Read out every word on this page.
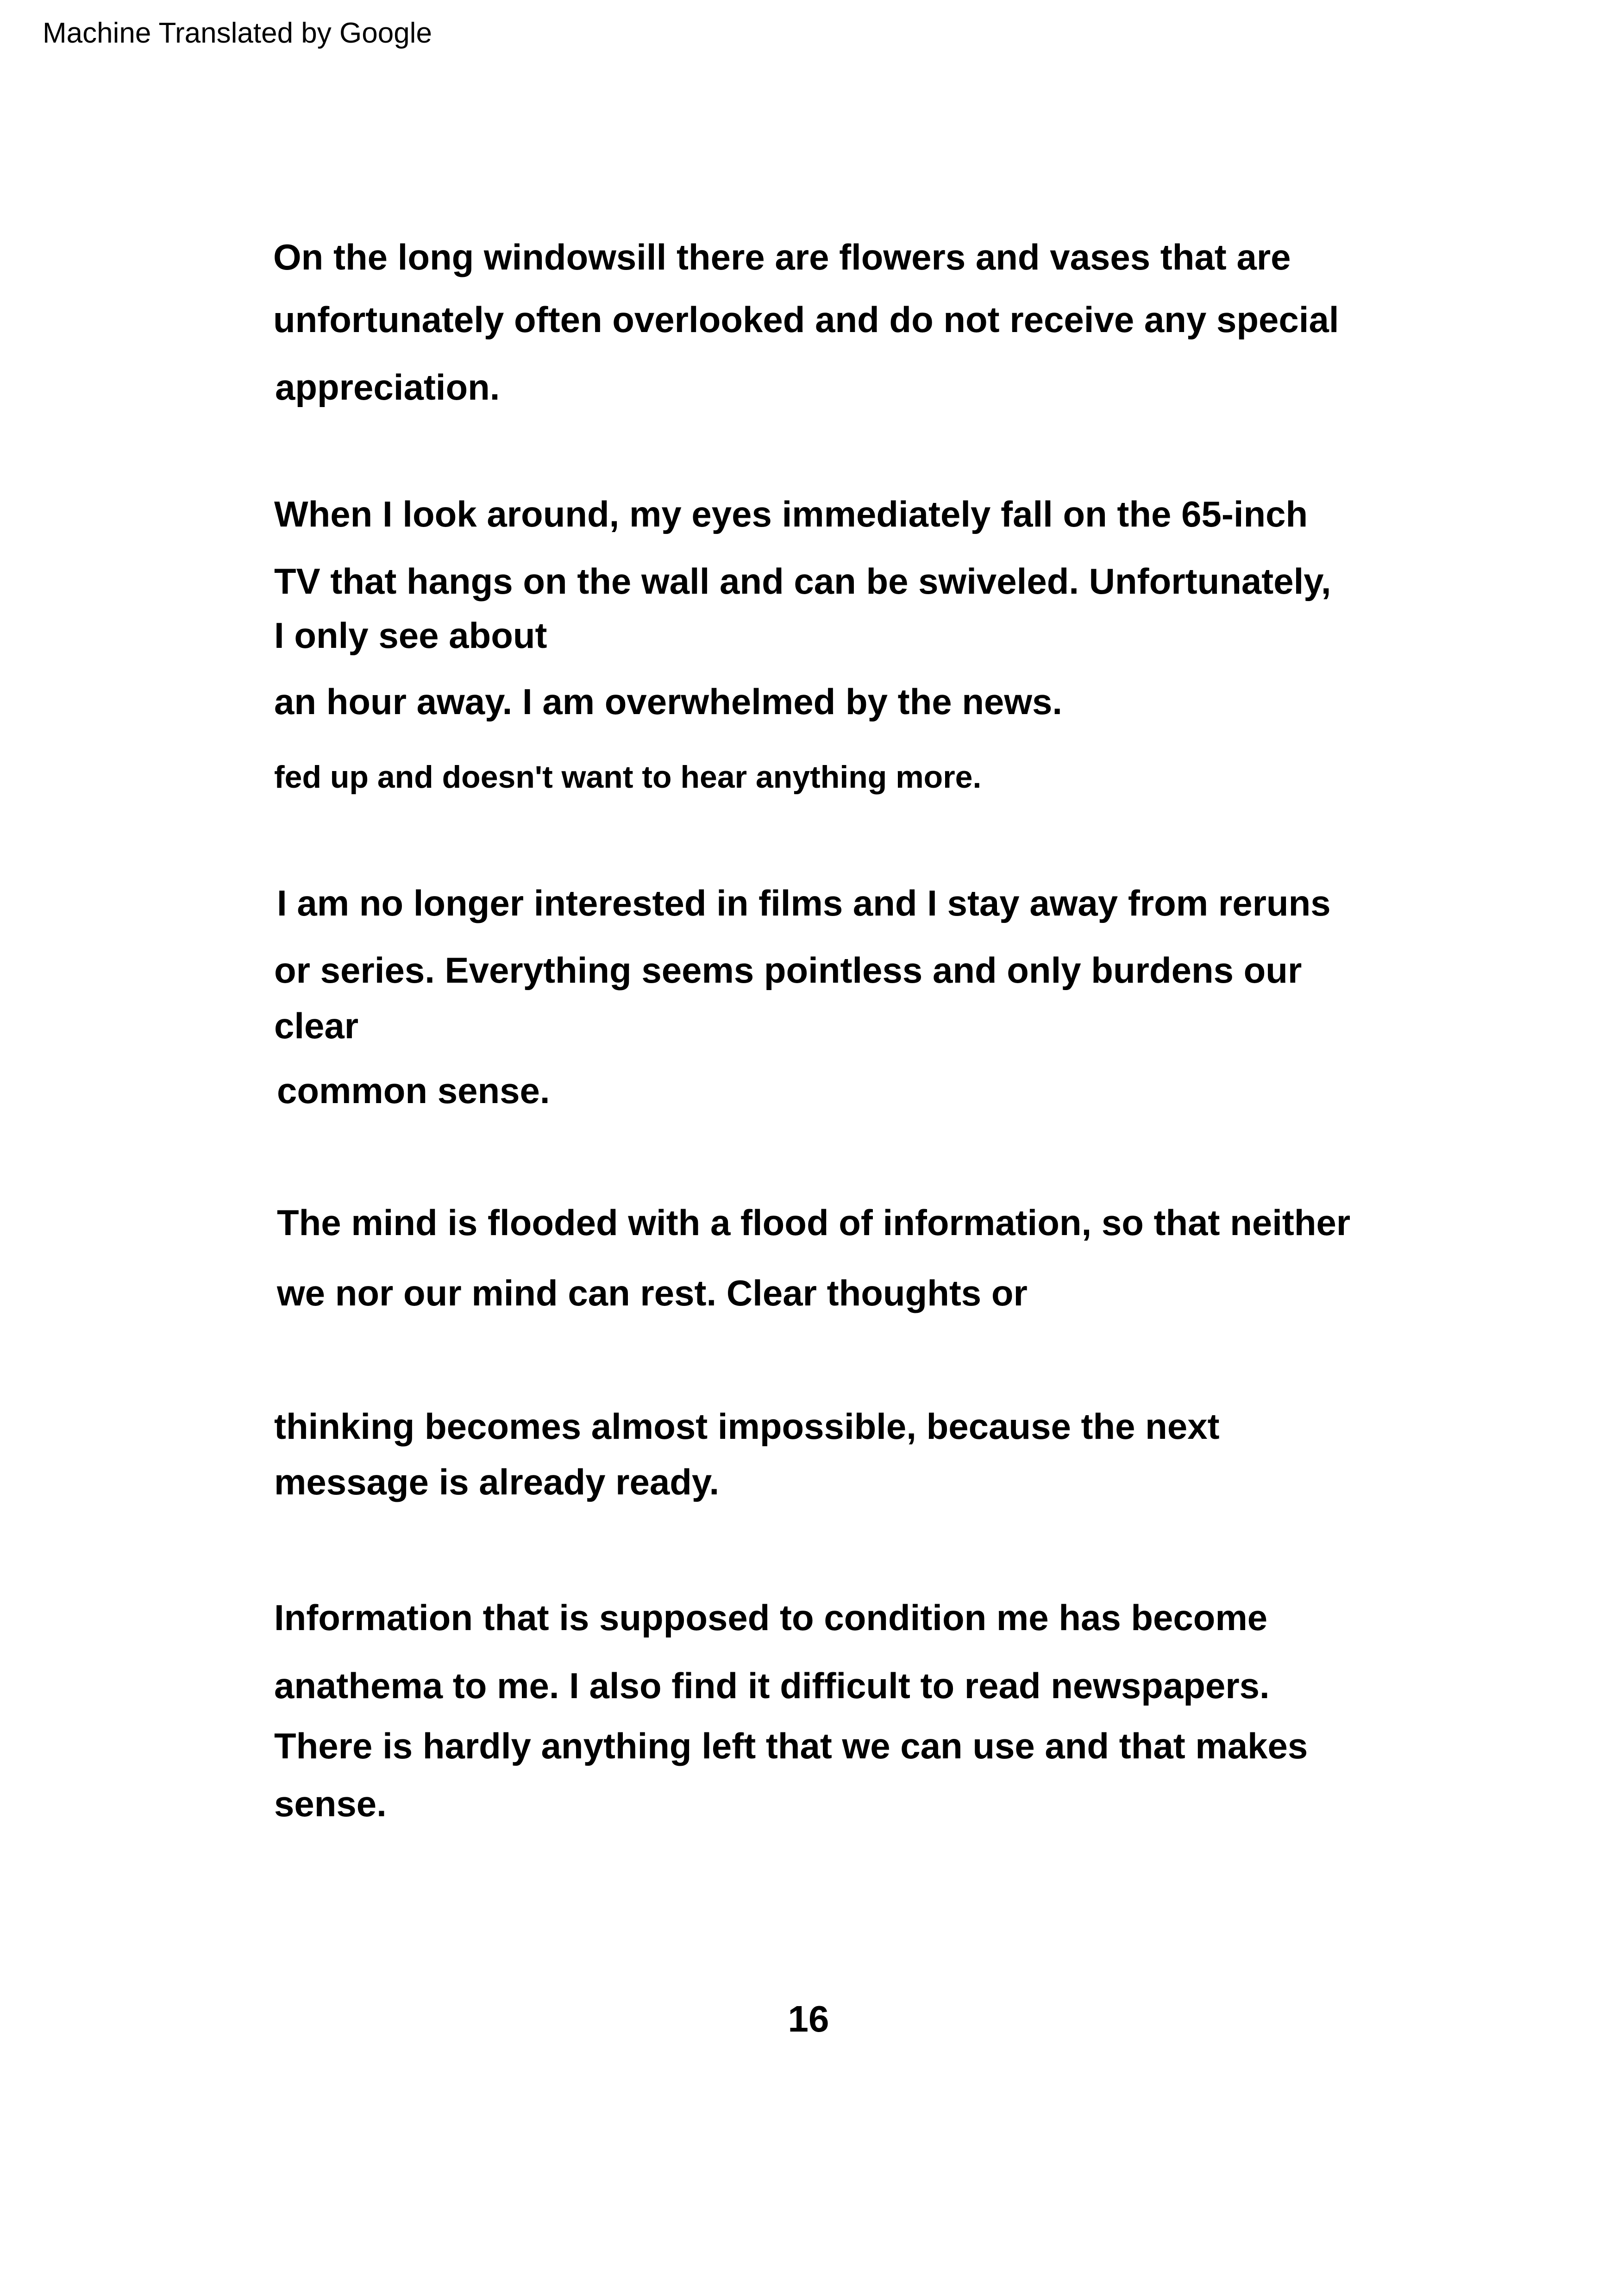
Machine Translated by Google
On the long windowsill there are flowers and vases that are
unfortunately often overlooked and do not receive any special
appreciation.
When I look around, my eyes immediately fall on the 65-inch
TV that hangs on the wall and can be swiveled. Unfortunately,
I only see about
an hour away. I am overwhelmed by the news.
fed up and doesn't want to hear anything more.
I am no longer interested in films and I stay away from reruns
or series. Everything seems pointless and only burdens our
clear
common sense.
The mind is flooded with a flood of information, so that neither
we nor our mind can rest. Clear thoughts or
thinking becomes almost impossible, because the next
message is already ready.
Information that is supposed to condition me has become
anathema to me. I also find it difficult to read newspapers.
There is hardly anything left that we can use and that makes
sense.
16
